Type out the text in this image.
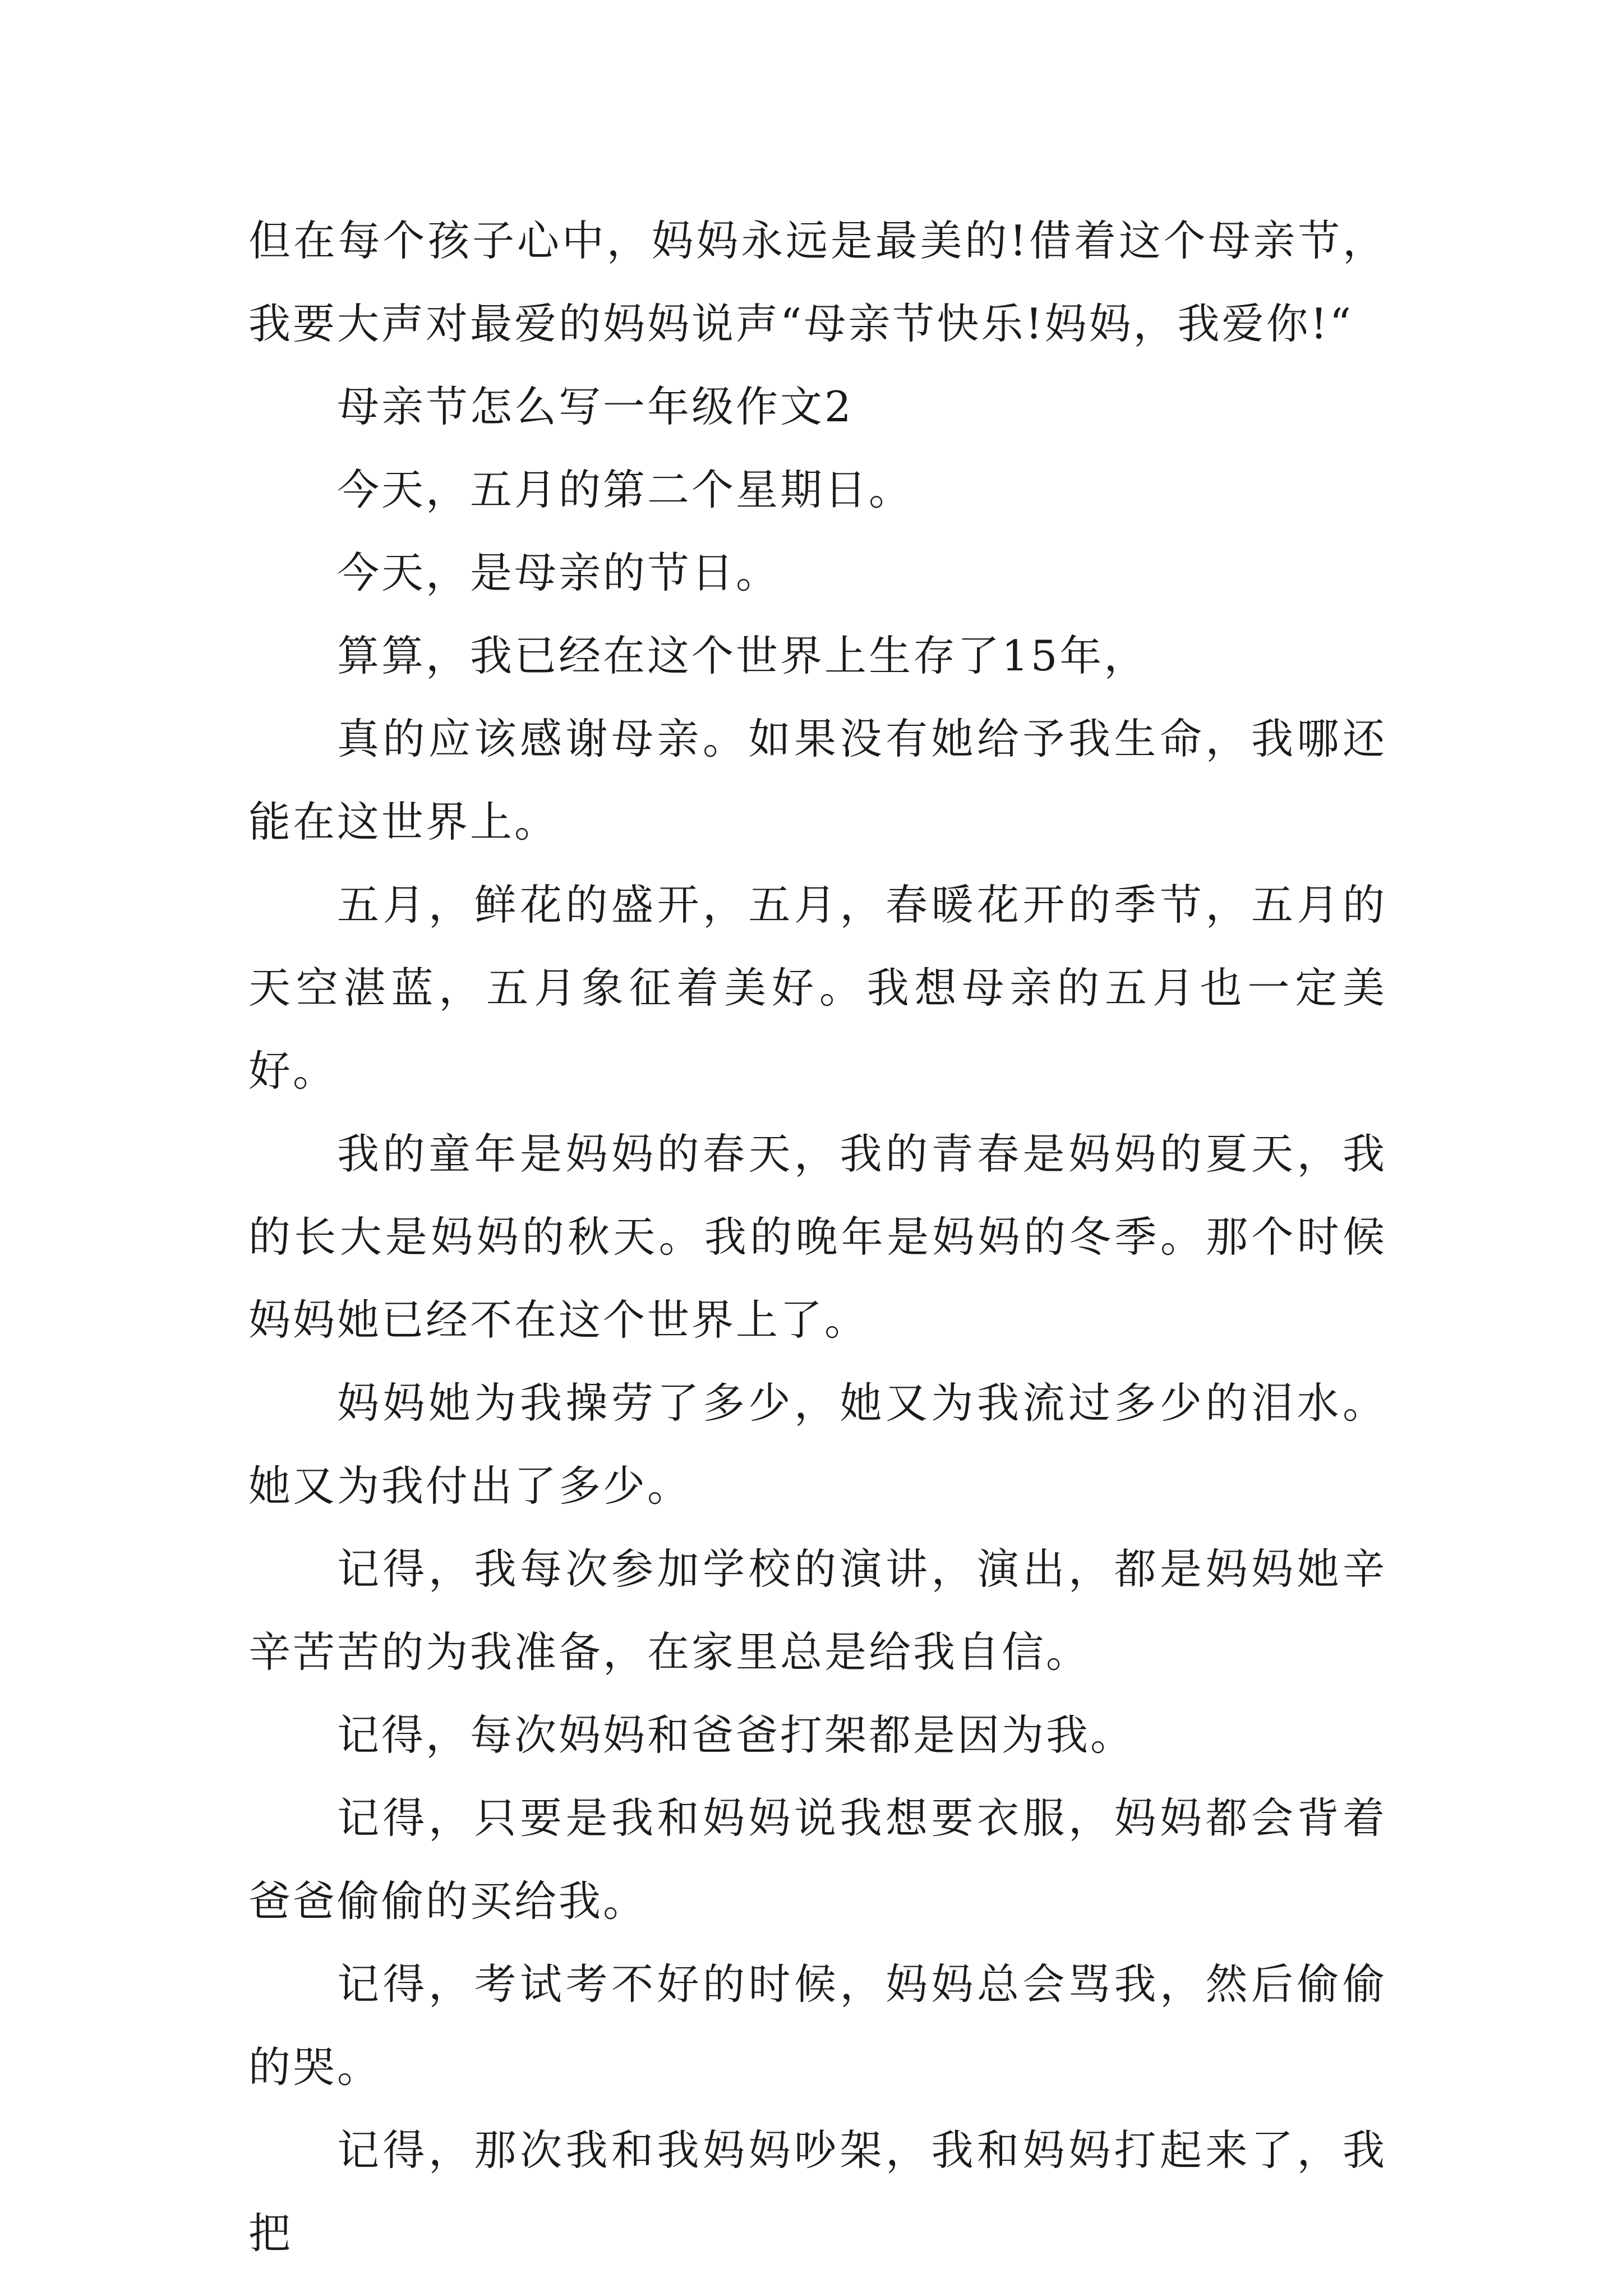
但在每个孩子心中，妈妈永远是最美的!借着这个母亲节，我要大声对最爱的妈妈说声“母亲节快乐!妈妈，我爱你!“

母亲节怎么写一年级作文2

今天，五月的第二个星期日。

今天，是母亲的节日。

算算，我已经在这个世界上生存了15年，

真的应该感谢母亲。如果没有她给予我生命，我哪还能在这世界上。

五月，鲜花的盛开，五月，春暖花开的季节，五月的天空湛蓝，五月象征着美好。我想母亲的五月也一定美好。

我的童年是妈妈的春天，我的青春是妈妈的夏天，我的长大是妈妈的秋天。我的晚年是妈妈的冬季。那个时候妈妈她已经不在这个世界上了。

妈妈她为我操劳了多少，她又为我流过多少的泪水。她又为我付出了多少。

记得，我每次参加学校的演讲，演出，都是妈妈她辛辛苦苦的为我准备，在家里总是给我自信。

记得，每次妈妈和爸爸打架都是因为我。

记得，只要是我和妈妈说我想要衣服，妈妈都会背着爸爸偷偷的买给我。

记得，考试考不好的时候，妈妈总会骂我，然后偷偷的哭。

记得，那次我和我妈妈吵架，我和妈妈打起来了，我把
